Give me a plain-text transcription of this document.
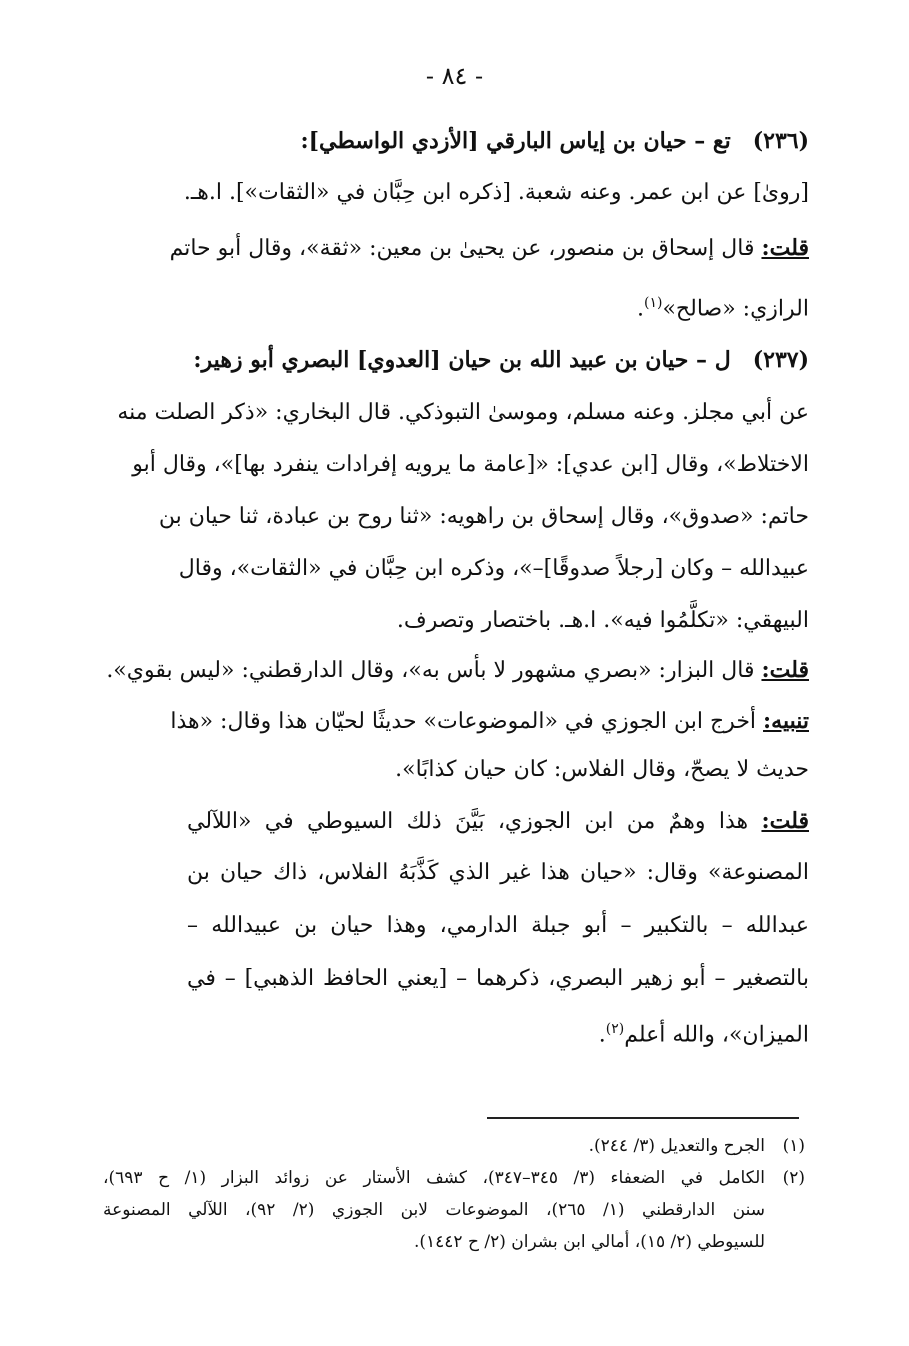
- ٨٤ -
(٢٣٦)تع – حيان بن إياس البارقي [الأزدي الواسطي]:
[روىٰ] عن ابن عمر. وعنه شعبة. [ذكره ابن حِبَّان في «الثقات»]. ا.هـ.
قلت: قال إسحاق بن منصور، عن يحيىٰ بن معين: «ثقة»، وقال أبو حاتم
الرازي: «صالح»$^{(١)}$.
(٢٣٧)ل – حيان بن عبيد الله بن حيان [العدوي] البصري أبو زهير:
عن أبي مجلز. وعنه مسلم، وموسىٰ التبوذكي. قال البخاري: «ذكر الصلت منه
الاختلاط»، وقال [ابن عدي]: «[عامة ما يرويه إفرادات ينفرد بها]»، وقال أبو
حاتم: «صدوق»، وقال إسحاق بن راهويه: «ثنا روح بن عبادة، ثنا حيان بن
عبيدالله – وكان [رجلاً صدوقًا]–»، وذكره ابن حِبَّان في «الثقات»، وقال
البيهقي: «تكلَّمُوا فيه». ا.هـ. باختصار وتصرف.
قلت: قال البزار: «بصري مشهور لا بأس به»، وقال الدارقطني: «ليس بقوي».
تنبيه: أخرج ابن الجوزي في «الموضوعات» حديثًا لحيّان هذا وقال: «هذا
حديث لا يصحّ، وقال الفلاس: كان حيان كذابًا».
قلت: هذا وهمٌ من ابن الجوزي، بَيَّنَ ذلك السيوطي في «اللآلي
المصنوعة» وقال: «حيان هذا غير الذي كَذَّبَهُ الفلاس، ذاك حيان بن
عبدالله – بالتكبير – أبو جبلة الدارمي، وهذا حيان بن عبيدالله –
بالتصغير – أبو زهير البصري، ذكرهما – [يعني الحافظ الذهبي] – في
الميزان»، والله أعلم$^{(٢)}$.
(١)الجرح والتعديل (٣/ ٢٤٤).
(٢)الكامل في الضعفاء (٣/ ٣٤٥–٣٤٧)، كشف الأستار عن زوائد البزار (١/ ح ٦٩٣)،
سنن الدارقطني (١/ ٢٦٥)، الموضوعات لابن الجوزي (٢/ ٩٢)، اللآلي المصنوعة
للسيوطي (٢/ ١٥)، أمالي ابن بشران (٢/ ح ١٤٤٢).
